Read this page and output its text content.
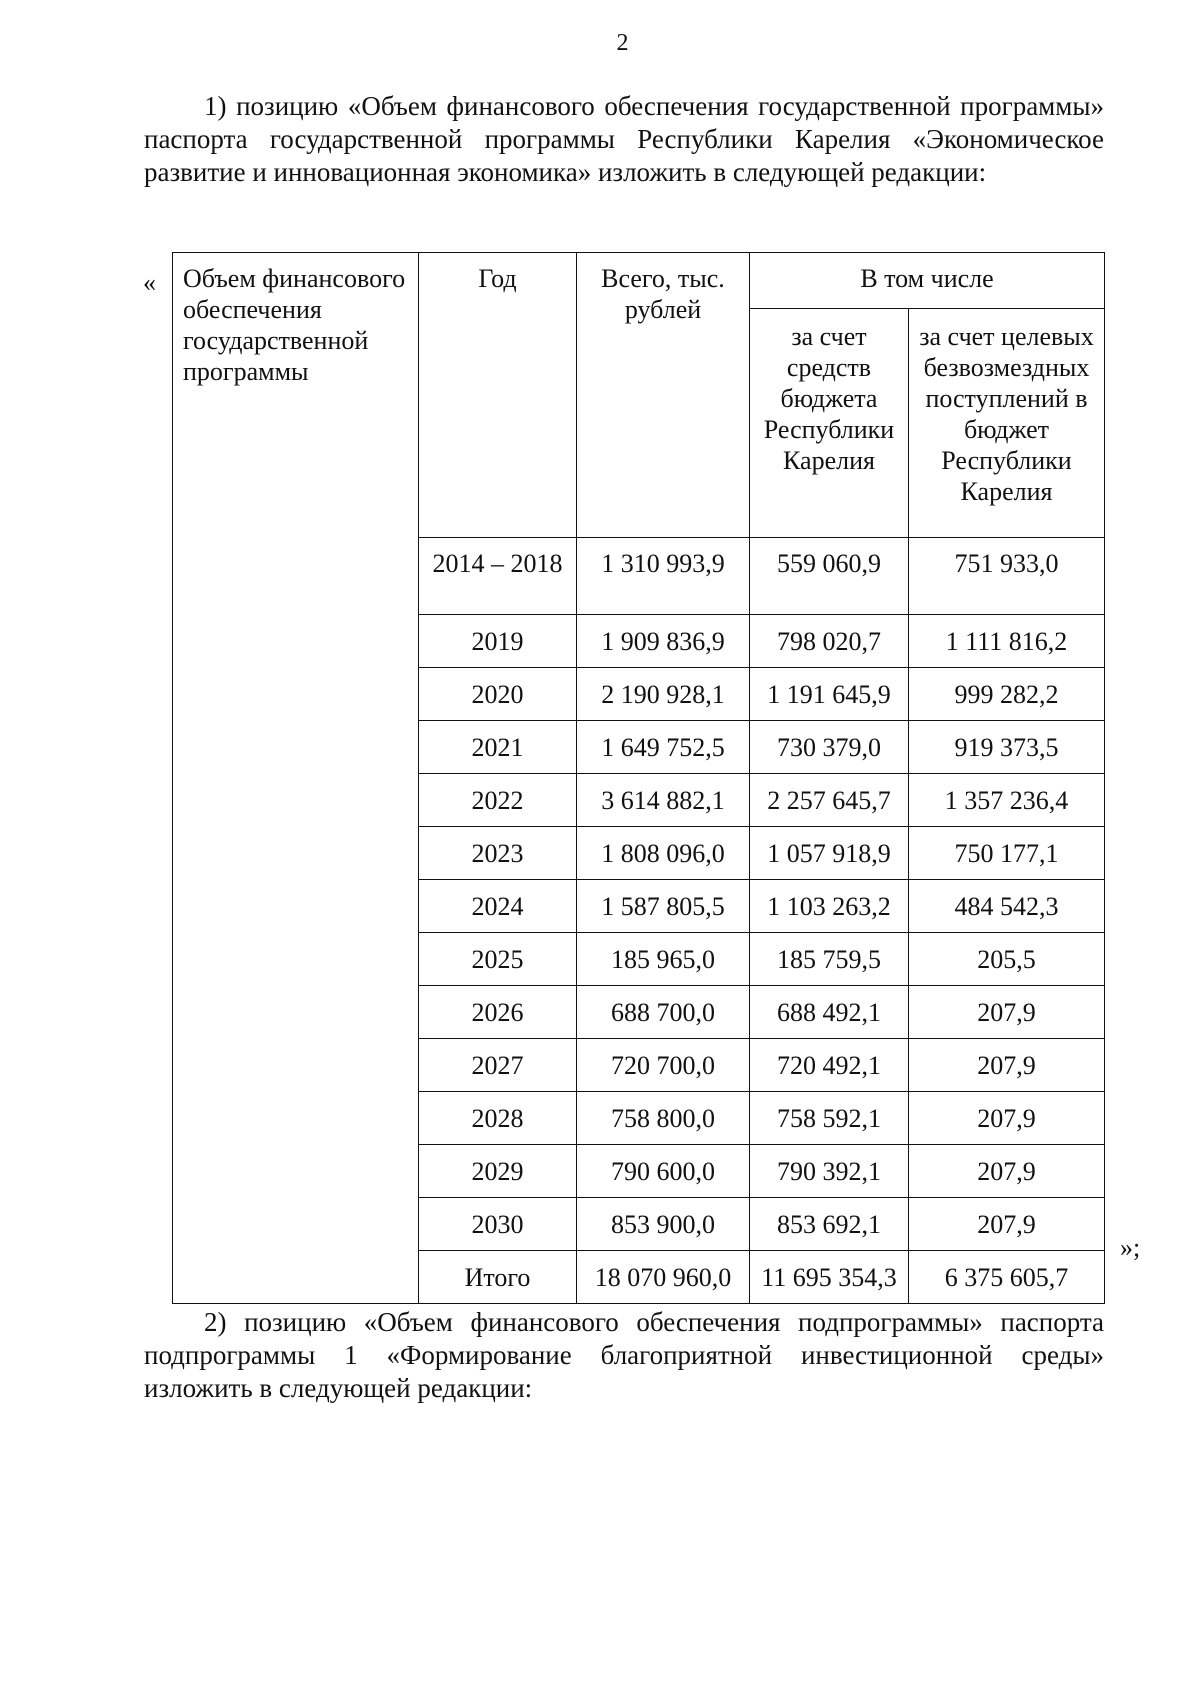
2
1) позицию «Объем финансового обеспечения государственной программы» паспорта государственной программы Республики Карелия «Экономическое развитие и инновационная экономика» изложить в следующей редакции:
« Объем финансового обеспечения государственной программы	Год	Всего, тыс. рублей	В том числе	
			за счет средств бюджета Республики Карелия	за счет целевых безвозмездных поступлений в бюджет Республики Карелия
	2014 – 2018	1 310 993,9	559 060,9	751 933,0
	2019	1 909 836,9	798 020,7	1 111 816,2
	2020	2 190 928,1	1 191 645,9	999 282,2
	2021	1 649 752,5	730 379,0	919 373,5
	2022	3 614 882,1	2 257 645,7	1 357 236,4
	2023	1 808 096,0	1 057 918,9	750 177,1
	2024	1 587 805,5	1 103 263,2	484 542,3
	2025	185 965,0	185 759,5	205,5
	2026	688 700,0	688 492,1	207,9
	2027	720 700,0	720 492,1	207,9
	2028	758 800,0	758 592,1	207,9
	2029	790 600,0	790 392,1	207,9
	2030	853 900,0	853 692,1	207,9
	Итого	18 070 960,0	11 695 354,3	6 375 605,7
»;
2) позицию «Объем финансового обеспечения подпрограммы» паспорта подпрограммы 1 «Формирование благоприятной инвестиционной среды» изложить в следующей редакции:
